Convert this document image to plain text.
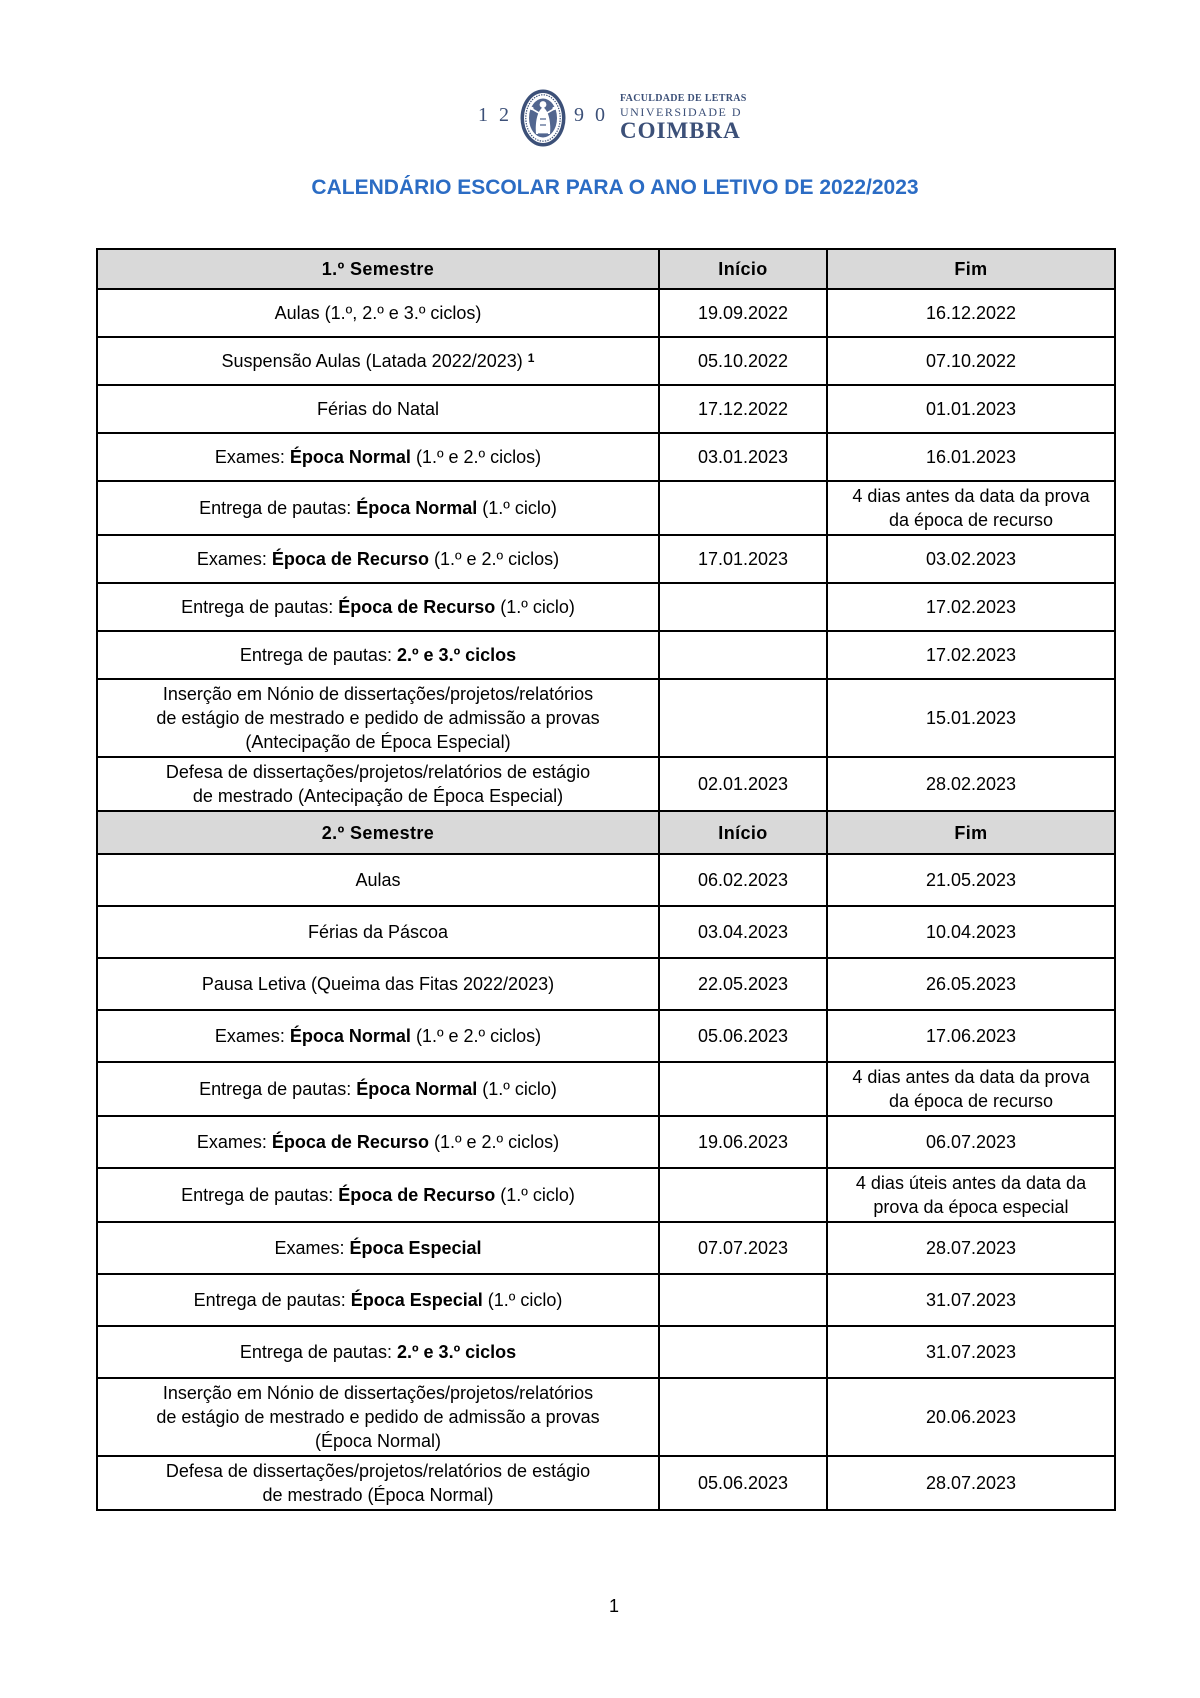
12	90
FACULDADE DE LETRAS
UNIVERSIDADE D
COIMBRA
CALENDÁRIO ESCOLAR PARA O ANO LETIVO DE 2022/2023
1.º Semestre	Início	Fim
Aulas (1.º, 2.º e 3.º ciclos)	19.09.2022	16.12.2022
Suspensão Aulas (Latada 2022/2023) $^1$	05.10.2022	07.10.2022
Férias do Natal	17.12.2022	01.01.2023
Exames: Época Normal (1.º e 2.º ciclos)	03.01.2023	16.01.2023
Entrega de pautas: Época Normal (1.º ciclo)		4 dias antes da data da prova da época de recurso
Exames: Época de Recurso (1.º e 2.º ciclos)	17.01.2023	03.02.2023
Entrega de pautas: Época de Recurso (1.º ciclo)		17.02.2023
Entrega de pautas: 2.º e 3.º ciclos		17.02.2023
Inserção em Nónio de dissertações/projetos/relatórios de estágio de mestrado e pedido de admissão a provas (Antecipação de Época Especial)		15.01.2023
Defesa de dissertações/projetos/relatórios de estágio de mestrado (Antecipação de Época Especial)	02.01.2023	28.02.2023
2.º Semestre	Início	Fim
Aulas	06.02.2023	21.05.2023
Férias da Páscoa	03.04.2023	10.04.2023
Pausa Letiva (Queima das Fitas 2022/2023)	22.05.2023	26.05.2023
Exames: Época Normal (1.º e 2.º ciclos)	05.06.2023	17.06.2023
Entrega de pautas: Época Normal (1.º ciclo)		4 dias antes da data da prova da época de recurso
Exames: Época de Recurso (1.º e 2.º ciclos)	19.06.2023	06.07.2023
Entrega de pautas: Época de Recurso (1.º ciclo)		4 dias úteis antes da data da prova da época especial
Exames: Época Especial	07.07.2023	28.07.2023
Entrega de pautas: Época Especial (1.º ciclo)		31.07.2023
Entrega de pautas: 2.º e 3.º ciclos		31.07.2023
Inserção em Nónio de dissertações/projetos/relatórios de estágio de mestrado e pedido de admissão a provas (Época Normal)		20.06.2023
Defesa de dissertações/projetos/relatórios de estágio de mestrado (Época Normal)	05.06.2023	28.07.2023
1
